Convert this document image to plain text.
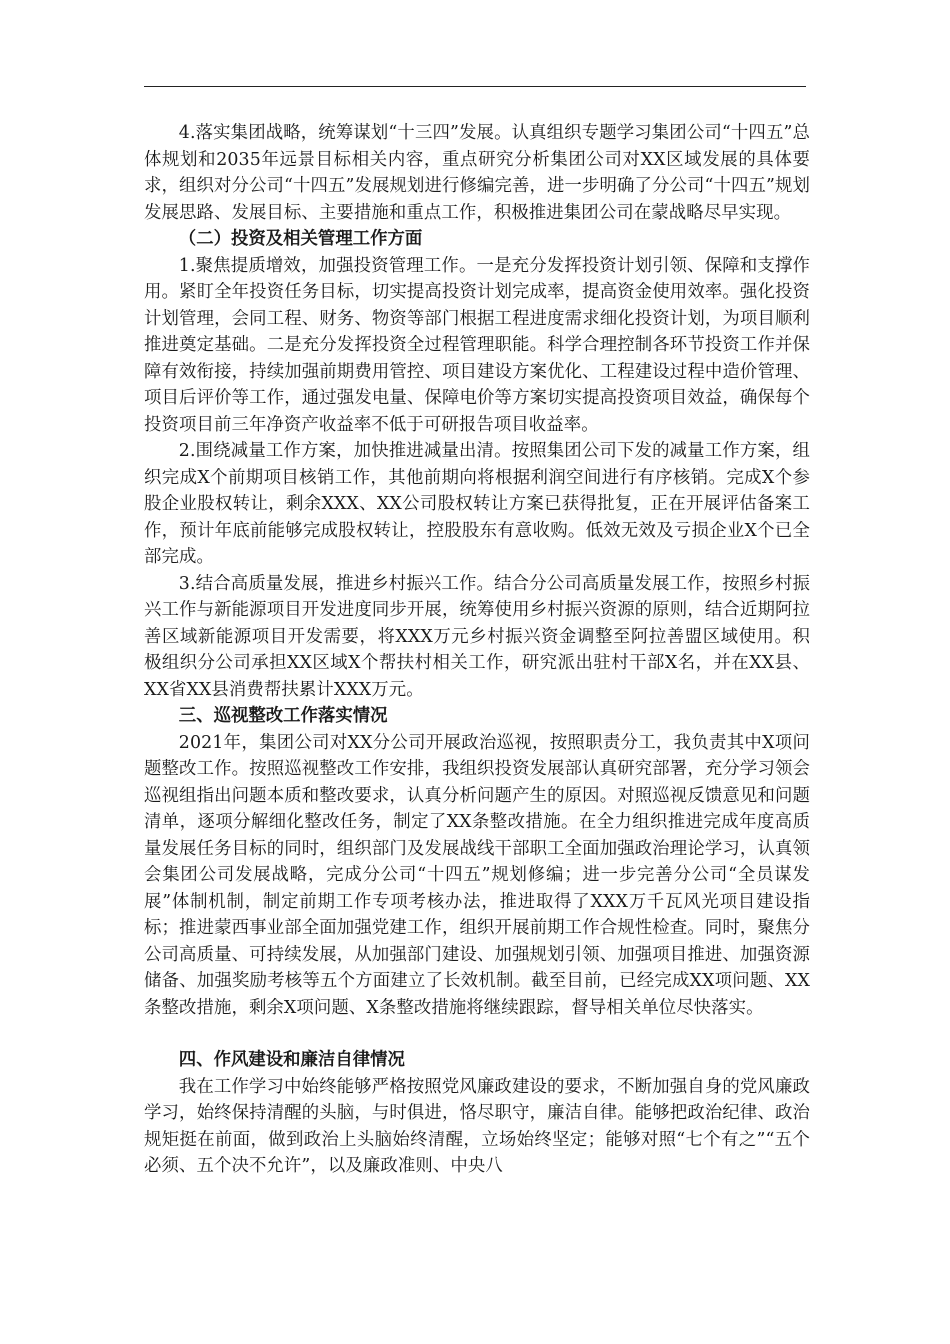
4.落实集团战略，统筹谋划“十三四”发展。认真组织专题学习集团公司“十四五”总体规划和2035年远景目标相关内容，重点研究分析集团公司对XX区域发展的具体要求，组织对分公司“十四五”发展规划进行修编完善，进一步明确了分公司“十四五”规划发展思路、发展目标、主要措施和重点工作，积极推进集团公司在蒙战略尽早实现。

（二）投资及相关管理工作方面

1.聚焦提质增效，加强投资管理工作。一是充分发挥投资计划引领、保障和支撑作用。紧盯全年投资任务目标，切实提高投资计划完成率，提高资金使用效率。强化投资计划管理，会同工程、财务、物资等部门根据工程进度需求细化投资计划，为项目顺利推进奠定基础。二是充分发挥投资全过程管理职能。科学合理控制各环节投资工作并保障有效衔接，持续加强前期费用管控、项目建设方案优化、工程建设过程中造价管理、项目后评价等工作，通过强发电量、保障电价等方案切实提高投资项目效益，确保每个投资项目前三年净资产收益率不低于可研报告项目收益率。

2.围绕减量工作方案，加快推进减量出清。按照集团公司下发的减量工作方案，组织完成X个前期项目核销工作，其他前期向将根据利润空间进行有序核销。完成X个参股企业股权转让，剩余XXX、XX公司股权转让方案已获得批复，正在开展评估备案工作，预计年底前能够完成股权转让，控股股东有意收购。低效无效及亏损企业X个已全部完成。

3.结合高质量发展，推进乡村振兴工作。结合分公司高质量发展工作，按照乡村振兴工作与新能源项目开发进度同步开展，统筹使用乡村振兴资源的原则，结合近期阿拉善区域新能源项目开发需要，将XXX万元乡村振兴资金调整至阿拉善盟区域使用。积极组织分公司承担XX区域X个帮扶村相关工作，研究派出驻村干部X名，并在XX县、XX省XX县消费帮扶累计XXX万元。

三、巡视整改工作落实情况

2021年，集团公司对XX分公司开展政治巡视，按照职责分工，我负责其中X项问题整改工作。按照巡视整改工作安排，我组织投资发展部认真研究部署，充分学习领会巡视组指出问题本质和整改要求，认真分析问题产生的原因。对照巡视反馈意见和问题清单，逐项分解细化整改任务，制定了XX条整改措施。在全力组织推进完成年度高质量发展任务目标的同时，组织部门及发展战线干部职工全面加强政治理论学习，认真领会集团公司发展战略，完成分公司“十四五”规划修编；进一步完善分公司“全员谋发展”体制机制，制定前期工作专项考核办法，推进取得了XXX万千瓦风光项目建设指标；推进蒙西事业部全面加强党建工作，组织开展前期工作合规性检查。同时，聚焦分公司高质量、可持续发展，从加强部门建设、加强规划引领、加强项目推进、加强资源储备、加强奖励考核等五个方面建立了长效机制。截至目前，已经完成XX项问题、XX条整改措施，剩余X项问题、X条整改措施将继续跟踪，督导相关单位尽快落实。

四、作风建设和廉洁自律情况

我在工作学习中始终能够严格按照党风廉政建设的要求，不断加强自身的党风廉政学习，始终保持清醒的头脑，与时俱进，恪尽职守，廉洁自律。能够把政治纪律、政治规矩挺在前面，做到政治上头脑始终清醒，立场始终坚定；能够对照“七个有之”“五个必须、五个决不允许”，以及廉政准则、中央八
